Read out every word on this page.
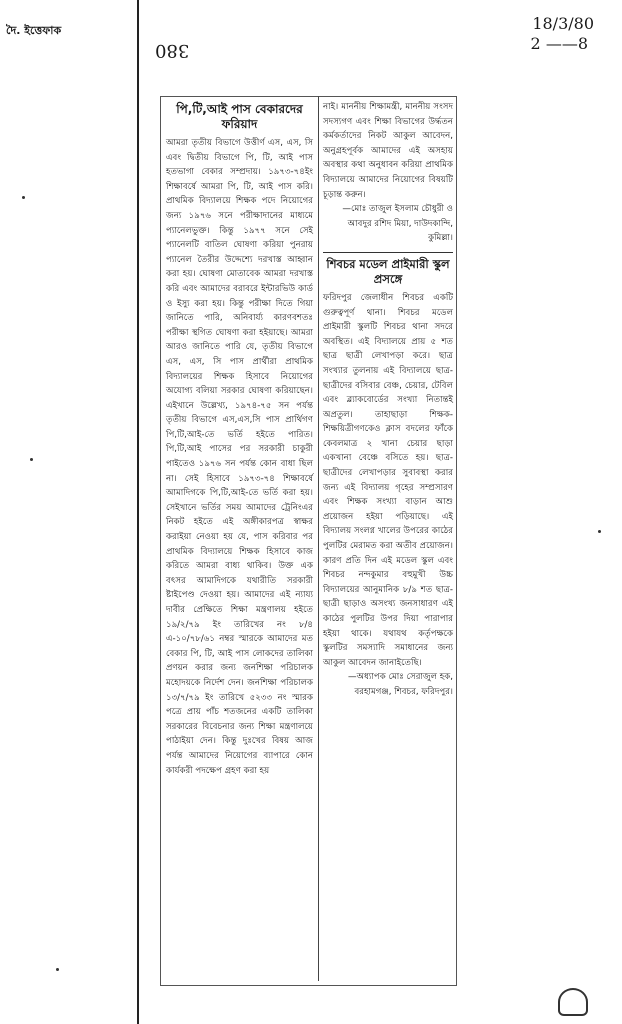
দৈ. ইত্তেফাক
380
18/3/80
2 ——8
পি,টি,আই পাস বেকারদের ফরিয়াদ

আমরা তৃতীয় বিভাগে উত্তীর্ণ এস, এস, সি এবং দ্বিতীয় বিভাগে পি, টি, আই পাস হতভাগা বেকার সম্প্রদায়। ১৯৭৩-৭৪ইং শিক্ষাবর্ষে আমরা পি, টি, আই পাস করি। প্রাথমিক বিদ্যালয়ে শিক্ষক পদে নিয়োগের জন্য ১৯৭৬ সনে পরীক্ষাদানের মাধ্যমে প্যানেলভুক্ত। কিন্তু ১৯৭৭ সনে সেই প্যানেলটি বাতিল ঘোষণা করিয়া পুনরায় প্যানেল তৈরীর উদ্দেশ্যে দরখাস্ত আহ্বান করা হয়। ঘোষণা মোতাবেক আমরা দরখাস্ত করি এবং আমাদের বরাবরে ইন্টারভিউ কার্ড ও ইস্যু করা হয়। কিন্তু পরীক্ষা দিতে গিয়া জানিতে পারি, অনিবার্য্য কারণবশতঃ পরীক্ষা স্থগিত ঘোষণা করা হইয়াছে। আমরা আরও জানিতে পারি যে, তৃতীয় বিভাগে এস, এস, সি পাস প্রার্থীরা প্রাথমিক বিদ্যালয়ের শিক্ষক হিসাবে নিয়োগের অযোগ্য বলিয়া সরকার ঘোষণা করিয়াছেন। এইখানে উল্লেখ্য, ১৯৭৪-৭৫ সন পর্যন্ত তৃতীয় বিভাগে এস,এস,সি পাস প্রার্থিগণ পি,টি,আই-তে ভর্তি হইতে পারিত। পি,টি,আই পাসের পর সরকারী চাকুরী পাইতেও ১৯৭৬ সন পর্যন্ত কোন বাধা ছিল না। সেই হিসাবে ১৯৭৩-৭৪ শিক্ষাবর্ষে আমাদিগকে পি,টি,আই-তে ভর্তি করা হয়। সেইখানে ভর্তির সময় আমাদের ট্রেনিংএর নিকট হইতে এই অঙ্গীকারপত্র স্বাক্ষর করাইয়া নেওয়া হয় যে, পাস করিবার পর প্রাথমিক বিদ্যালয়ে শিক্ষক হিসাবে কাজ করিতে আমরা বাধ্য থাকিব। উক্ত এক বৎসর আমাদিগকে যথারীতি সরকারী ষ্টাইপেণ্ড দেওয়া হয়। আমাদের এই ন্যায্য দাবীর প্রেক্ষিতে শিক্ষা মন্ত্রণালয় হইতে ১৯/২/৭৯ ইং তারিখের নং ৮/৪ এ-১০/৭৮/৬১ নম্বর স্মারকে আমাদের মত বেকার পি, টি, আই পাস লোকদের তালিকা প্রণয়ন করার জন্য জনশিক্ষা পরিচালক মহোদয়কে নির্দেশ দেন। জনশিক্ষা পরিচালক ১৩/৭/৭৯ ইং তারিখে ৫২৩৩ নং স্মারক পত্রে প্রায় পাঁচ শতজনের একটি তালিকা সরকারের বিবেচনার জন্য শিক্ষা মন্ত্রণালয়ে পাঠাইয়া দেন। কিন্তু দুঃখের বিষয় আজ পর্যন্ত আমাদের নিয়োগের ব্যাপারে কোন কার্যকরী পদক্ষেপ গ্রহণ করা হয়

নাই। মাননীয় শিক্ষামন্ত্রী, মাননীয় সংসদ সদস্যগণ এবং শিক্ষা বিভাগের উর্দ্ধতন কর্মকর্তাদের নিকট আকুল আবেদন, অনুগ্রহপূর্বক আমাদের এই অসহায় অবস্থার কথা অনুধাবন করিয়া প্রাথমিক বিদ্যালয়ে আমাদের নিয়োগের বিষয়টি চূড়ান্ত করুন।

—মোঃ তাজুল ইসলাম চৌধুরী ও আবদুর রশিদ মিয়া, দাউদকান্দি, কুমিল্লা।

শিবচর মডেল প্রাইমারী স্কুল প্রসঙ্গে

ফরিদপুর জেলাধীন শিবচর একটি গুরুত্বপূর্ণ থানা। শিবচর মডেল প্রাইমারী স্কুলটি শিবচর থানা সদরে অবস্থিত। এই বিদ্যালয়ে প্রায় ৫ শত ছাত্র ছাত্রী লেখাপড়া করে। ছাত্র সংখ্যার তুলনায় এই বিদ্যালয়ে ছাত্র-ছাত্রীদের বসিবার বেঞ্চ, চেয়ার, টেবিল এবং ব্ল্যাকবোর্ডের সংখ্যা নিতান্তই অপ্রতুল। তাহাছাড়া শিক্ষক-শিক্ষয়িত্রীগণকেও ক্লাস বদলের ফাঁকে কেবলমাত্র ২ খানা চেয়ার ছাড়া একখানা বেঞ্চে বসিতে হয়। ছাত্র-ছাত্রীদের লেখাপড়ার সুবাবস্থা করার জন্য এই বিদ্যালয় গৃহের সম্প্রসারণ এবং শিক্ষক সংখ্যা বাড়ান আশু প্রয়োজন হইয়া পড়িয়াছে। এই বিদ্যালয় সংলগ্ন খালের উপরের কাঠের পুলটির মেরামত করা অতীব প্রয়োজন। কারণ প্রতি দিন এই মডেল স্কুল এবং শিবচর নন্দকুমার বহুমুখী উচ্চ বিদ্যালয়ের আনুমানিক ৮/৯ শত ছাত্র-ছাত্রী ছাড়াও অসংখ্য জনসাধারণ এই কাঠের পুলটির উপর দিয়া পারাপার হইয়া থাকে। যথাযথ কর্তৃপক্ষকে স্কুলটির সমস্যাদি সমাধানের জন্য আকুল আবেদন জানাইতেছি।

—অধ্যাপক মোঃ সেরাজুল হক, বরহামগঞ্জ, শিবচর, ফরিদপুর।
